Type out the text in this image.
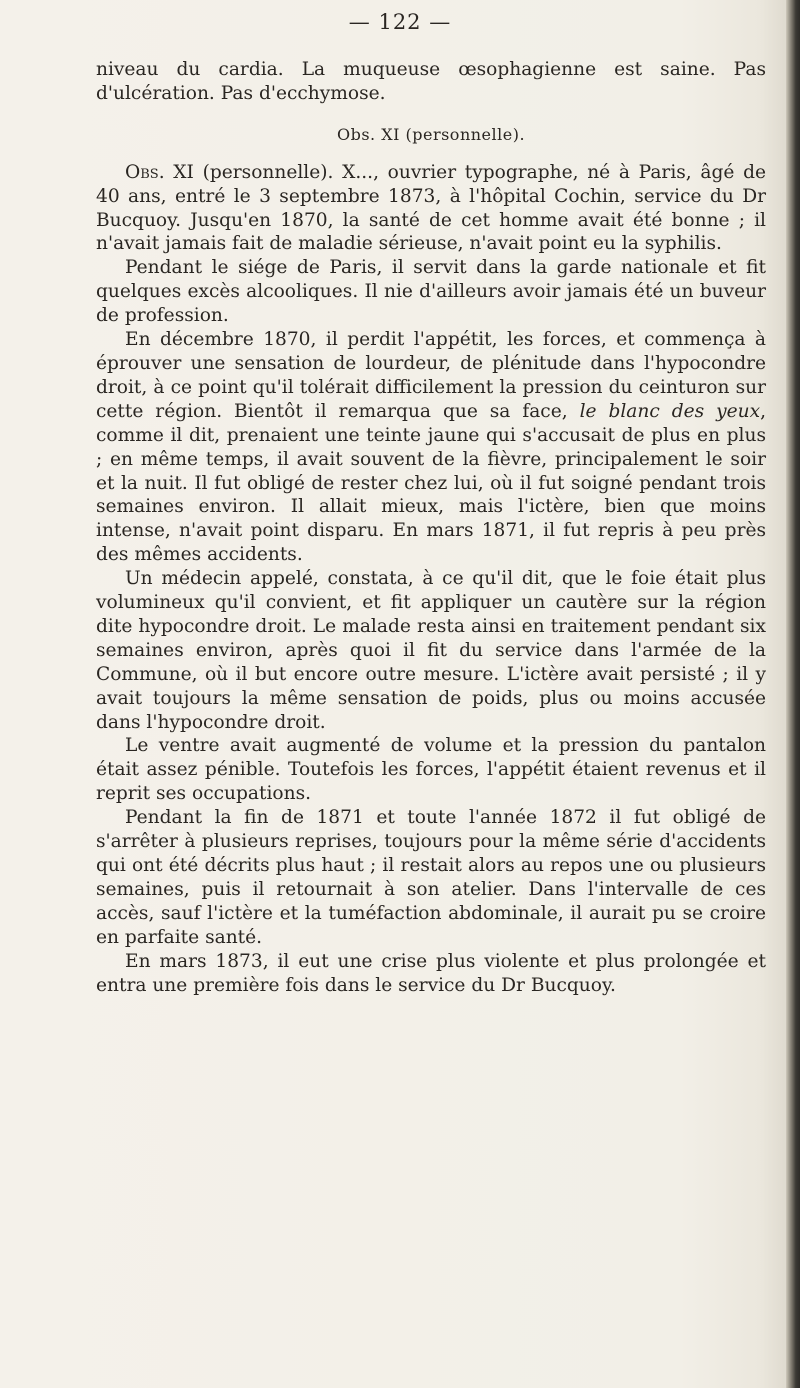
— 122 —

niveau du cardia. La muqueuse œsophagienne est saine. Pas d'ulcération. Pas d'ecchymose.

Obs. XI (personnelle).

Obs. XI (personnelle). X..., ouvrier typographe, né à Paris, âgé de 40 ans, entré le 3 septembre 1873, à l'hôpital Cochin, service du Dr Bucquoy. Jusqu'en 1870, la santé de cet homme avait été bonne ; il n'avait jamais fait de maladie sérieuse, n'avait point eu la syphilis.

Pendant le siége de Paris, il servit dans la garde nationale et fit quelques excès alcooliques. Il nie d'ailleurs avoir jamais été un buveur de profession.

En décembre 1870, il perdit l'appétit, les forces, et commença à éprouver une sensation de lourdeur, de plénitude dans l'hypocondre droit, à ce point qu'il tolérait difficilement la pression du ceinturon sur cette région. Bientôt il remarqua que sa face, le blanc des yeux, comme il dit, prenaient une teinte jaune qui s'accusait de plus en plus ; en même temps, il avait souvent de la fièvre, principalement le soir et la nuit. Il fut obligé de rester chez lui, où il fut soigné pendant trois semaines environ. Il allait mieux, mais l'ictère, bien que moins intense, n'avait point disparu. En mars 1871, il fut repris à peu près des mêmes accidents.

Un médecin appelé, constata, à ce qu'il dit, que le foie était plus volumineux qu'il convient, et fit appliquer un cautère sur la région dite hypocondre droit. Le malade resta ainsi en traitement pendant six semaines environ, après quoi il fit du service dans l'armée de la Commune, où il but encore outre mesure. L'ictère avait persisté ; il y avait toujours la même sensation de poids, plus ou moins accusée dans l'hypocondre droit.

Le ventre avait augmenté de volume et la pression du pantalon était assez pénible. Toutefois les forces, l'appétit étaient revenus et il reprit ses occupations.

Pendant la fin de 1871 et toute l'année 1872 il fut obligé de s'arrêter à plusieurs reprises, toujours pour la même série d'accidents qui ont été décrits plus haut ; il restait alors au repos une ou plusieurs semaines, puis il retournait à son atelier. Dans l'intervalle de ces accès, sauf l'ictère et la tuméfaction abdominale, il aurait pu se croire en parfaite santé.

En mars 1873, il eut une crise plus violente et plus prolongée et entra une première fois dans le service du Dr Bucquoy.
